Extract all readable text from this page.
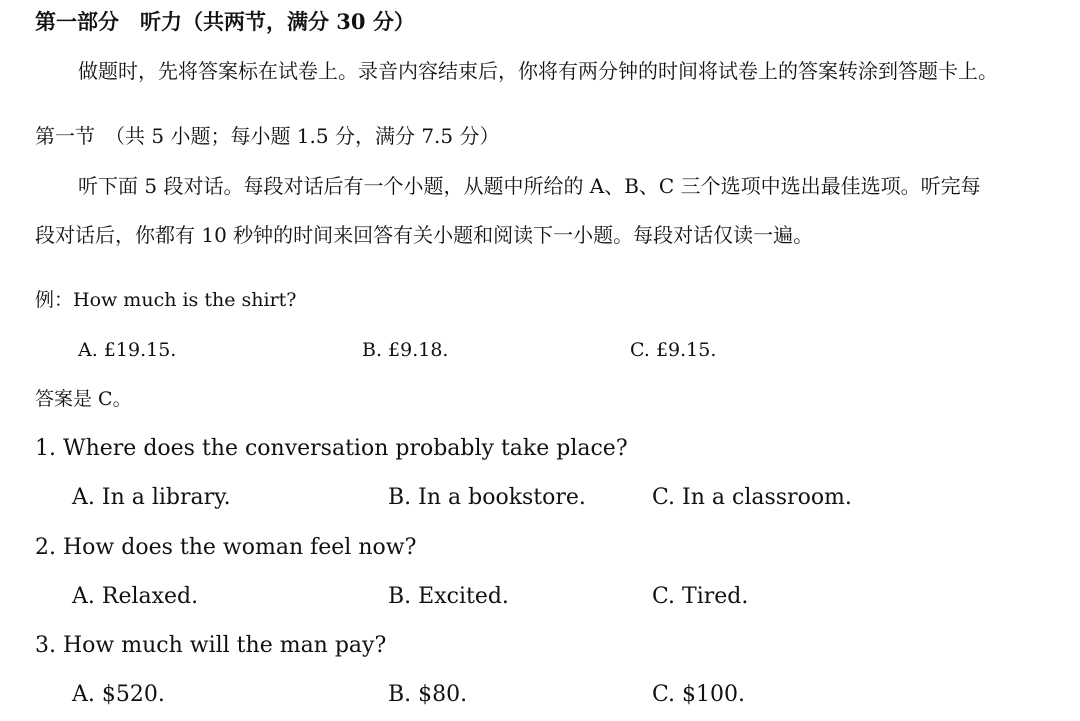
第一部分　听力（共两节，满分 30 分）
做题时，先将答案标在试卷上。录音内容结束后，你将有两分钟的时间将试卷上的答案转涂到答题卡上。
第一节　（共 5 小题；每小题 1.5 分，满分 7.5 分）
听下面 5 段对话。每段对话后有一个小题，从题中所给的 A、B、C 三个选项中选出最佳选项。听完每
段对话后，你都有 10 秒钟的时间来回答有关小题和阅读下一小题。每段对话仅读一遍。
例：How much is the shirt?
A. £19.15.	B. £9.18.	C. £9.15.
答案是 C。
1. Where does the conversation probably take place?
A. In a library.	B. In a bookstore.	C. In a classroom.
2. How does the woman feel now?
A. Relaxed.	B. Excited.	C. Tired.
3. How much will the man pay?
A. $520.	B. $80.	C. $100.
